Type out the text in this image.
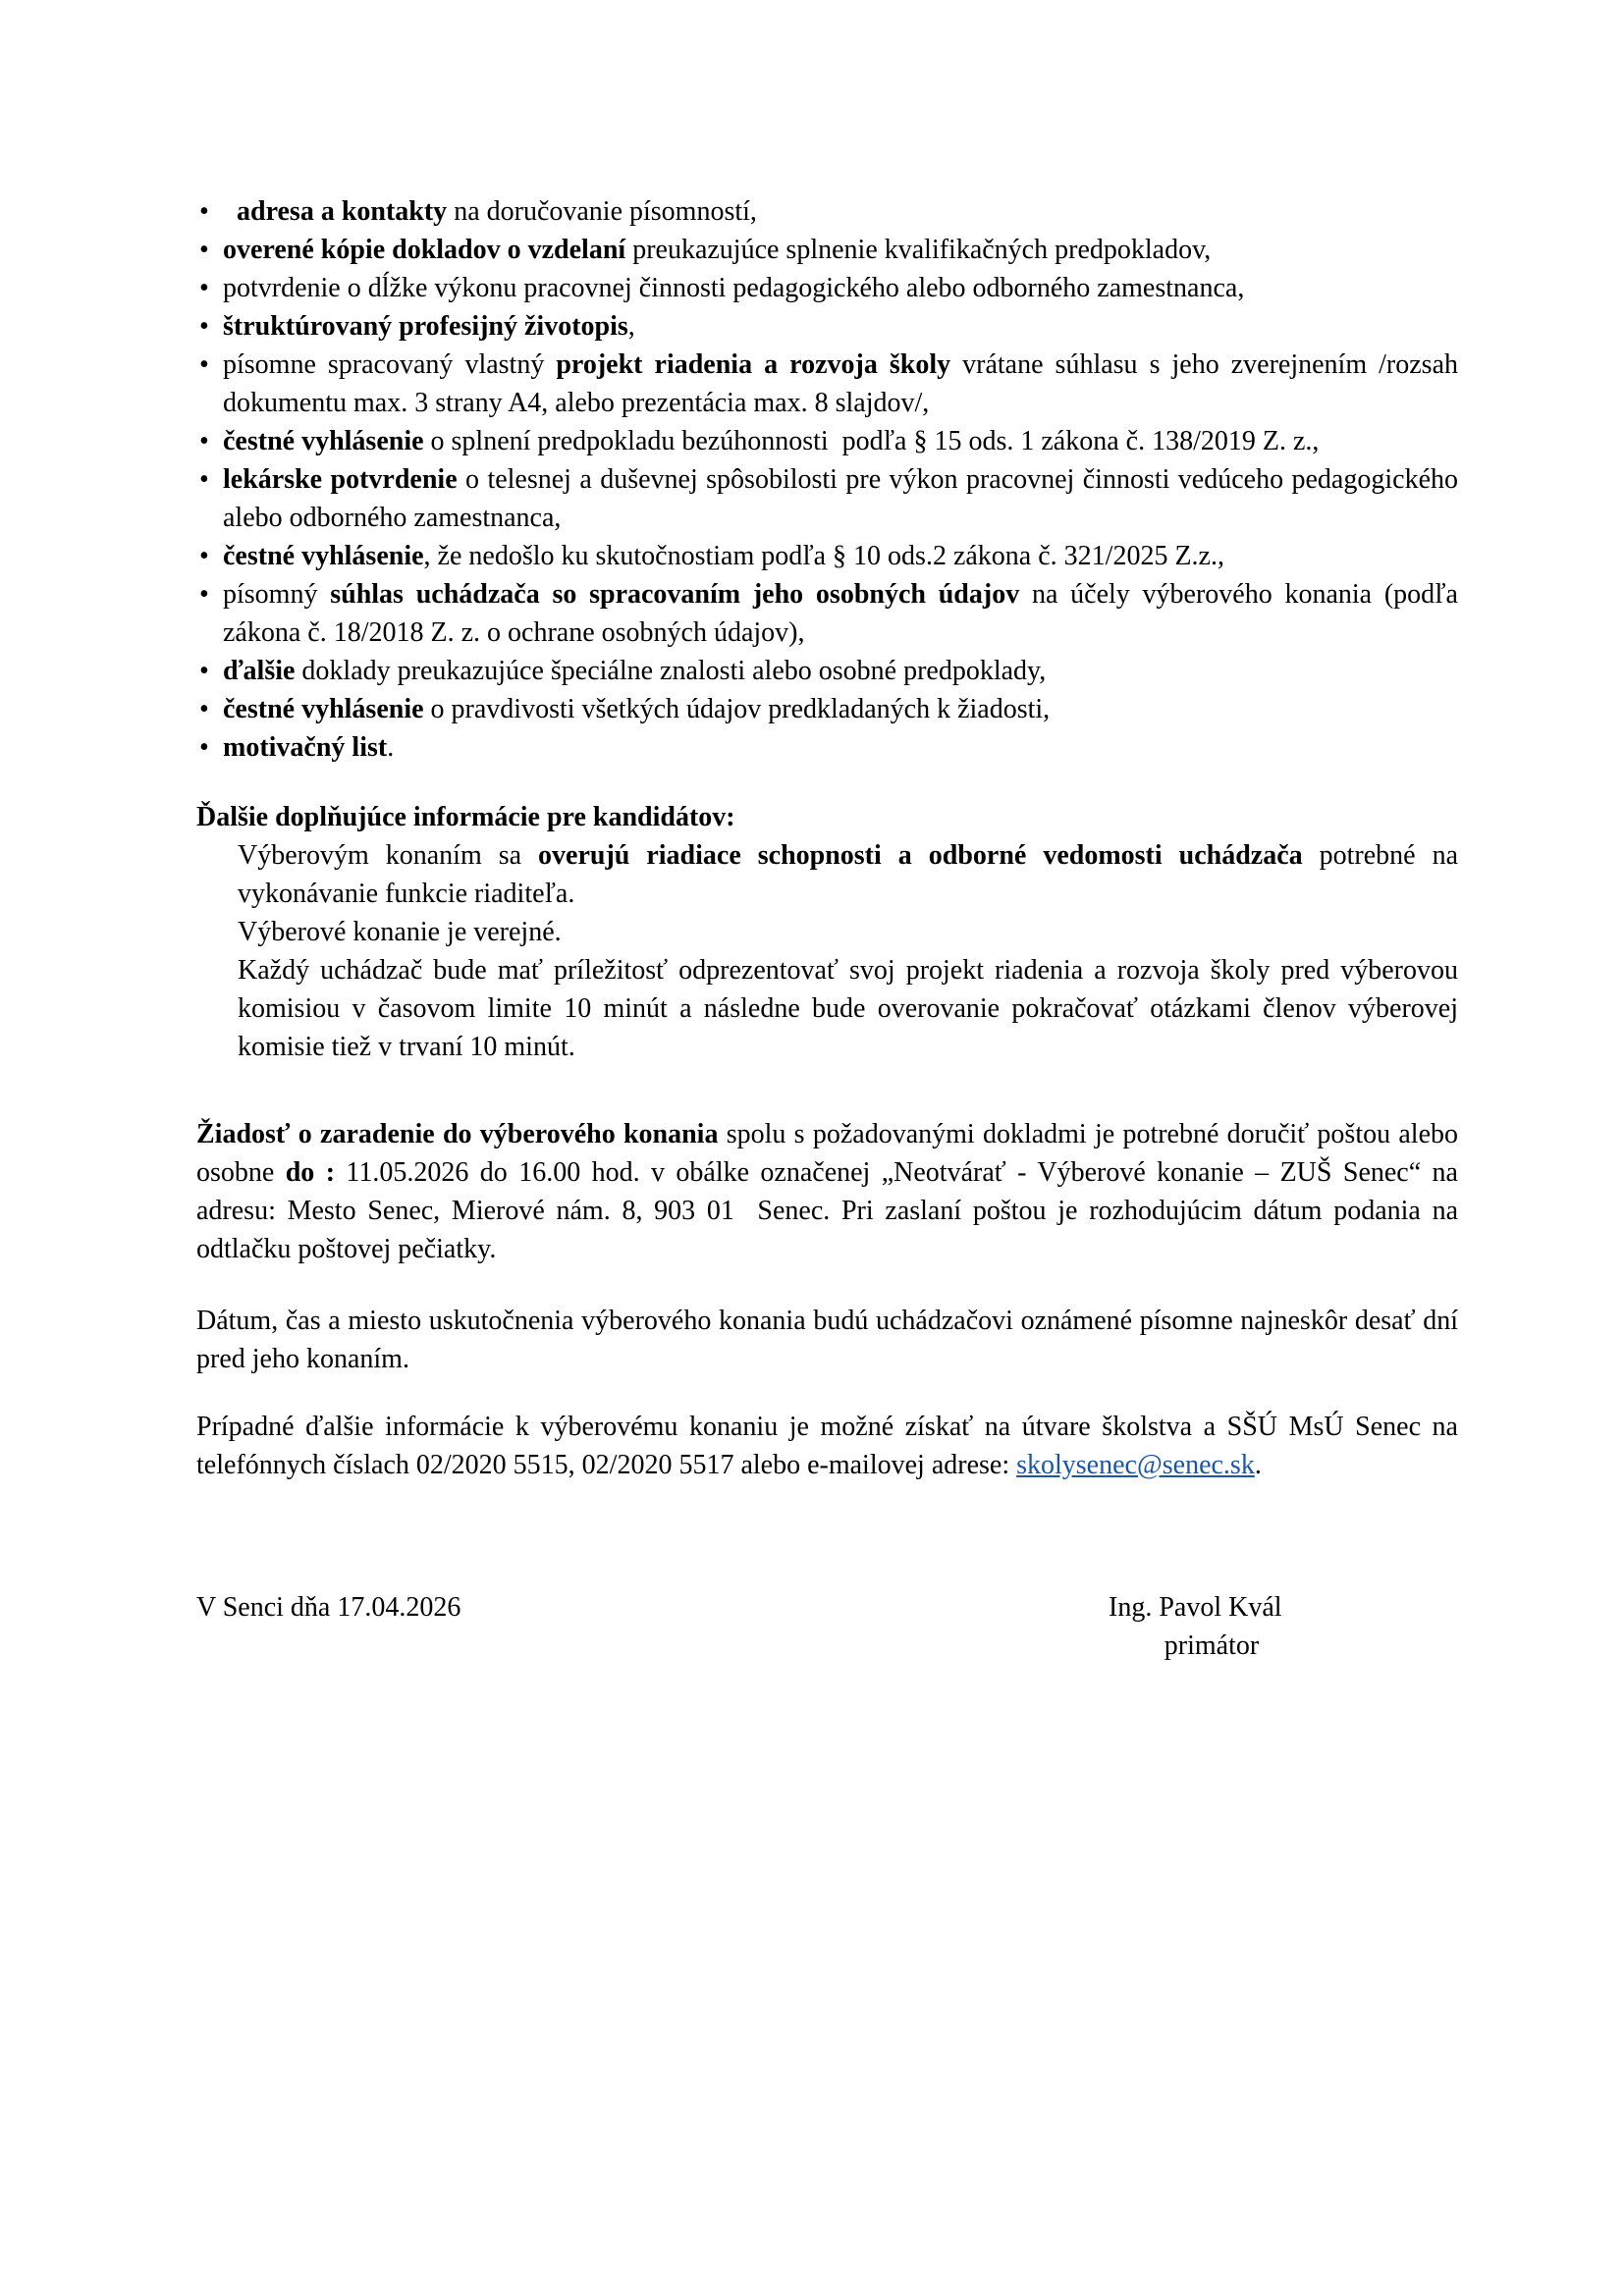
• adresa a kontakty na doručovanie písomností,
• overené kópie dokladov o vzdelaní preukazujúce splnenie kvalifikačných predpokladov,
• potvrdenie o dĺžke výkonu pracovnej činnosti pedagogického alebo odborného zamestnanca,
• štruktúrovaný profesijný životopis,
• písomne spracovaný vlastný projekt riadenia a rozvoja školy vrátane súhlasu s jeho zverejnením /rozsah dokumentu max. 3 strany A4, alebo prezentácia max. 8 slajdov/,
• čestné vyhlásenie o splnení predpokladu bezúhonnosti  podľa § 15 ods. 1 zákona č. 138/2019 Z. z.,
• lekárske potvrdenie o telesnej a duševnej spôsobilosti pre výkon pracovnej činnosti vedúceho pedagogického alebo odborného zamestnanca,
• čestné vyhlásenie, že nedošlo ku skutočnostiam podľa § 10 ods.2 zákona č. 321/2025 Z.z.,
• písomný súhlas uchádzača so spracovaním jeho osobných údajov na účely výberového konania (podľa zákona č. 18/2018 Z. z. o ochrane osobných údajov),
• ďalšie doklady preukazujúce špeciálne znalosti alebo osobné predpoklady,
• čestné vyhlásenie o pravdivosti všetkých údajov predkladaných k žiadosti,
• motivačný list.
Ďalšie doplňujúce informácie pre kandidátov:

Výberovým konaním sa overujú riadiace schopnosti a odborné vedomosti uchádzača potrebné na vykonávanie funkcie riaditeľa.

Výberové konanie je verejné.

Každý uchádzač bude mať príležitosť odprezentovať svoj projekt riadenia a rozvoja školy pred výberovou komisiou v časovom limite 10 minút a následne bude overovanie pokračovať otázkami členov výberovej komisie tiež v trvaní 10 minút.

Žiadosť o zaradenie do výberového konania spolu s požadovanými dokladmi je potrebné doručiť poštou alebo osobne do : 11.05.2026 do 16.00 hod. v obálke označenej „Neotvárať - Výberové konanie – ZUŠ Senec“ na adresu: Mesto Senec, Mierové nám. 8, 903 01  Senec. Pri zaslaní poštou je rozhodujúcim dátum podania na odtlačku poštovej pečiatky.

Dátum, čas a miesto uskutočnenia výberového konania budú uchádzačovi oznámené písomne najneskôr desať dní pred jeho konaním.

Prípadné ďalšie informácie k výberovému konaniu je možné získať na útvare školstva a SŠÚ MsÚ Senec na telefónnych číslach 02/2020 5515, 02/2020 5517 alebo e-mailovej adrese: skolysenec@senec.sk.

V Senci dňa 17.04.2026	Ing. Pavol Kvál
primátor
